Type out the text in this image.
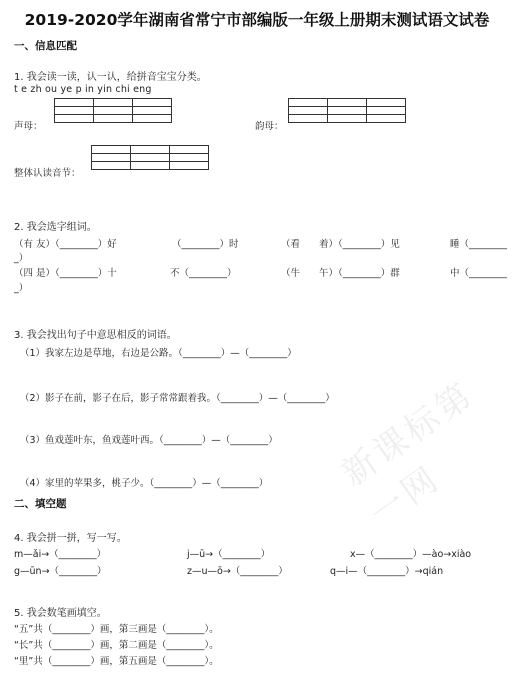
2019-2020学年湖南省常宁市部编版一年级上册期末测试语文试卷
一、信息匹配
1. 我会读一读，认一认，给拼音宝宝分类。
t e zh ou ye p in yin chi eng

声母：

			韵母：

整体认读音节：
2. 我会选字组词。
（有 友）（________）好	（________）时	（看　　着）（________）见	睡（________
_）
（四 是）（________）十	不（________）	（牛　　午）（________）群	中（________
_）
3. 我会找出句子中意思相反的词语。
（1）我家左边是草地，右边是公路。（________）—（________）
（2）影子在前，影子在后，影子常常跟着我。（________）—（________）
（3）鱼戏莲叶东，鱼戏莲叶西。（________）—（________）
（4）家里的苹果多，桃子少。（________）—（________）
二、填空题
4. 我会拼一拼，写一写。
m—ǎi→（________）	j—ū→（________）	x—（________）—ào→xiào
g—ūn→（________）	z—u—ō→（________）	q—i—（________）→qián
5. 我会数笔画填空。
“五”共（________）画，第三画是（________）。
“长”共（________）画，第二画是（________）。
“里”共（________）画，第五画是（________）。
新课标第一网
